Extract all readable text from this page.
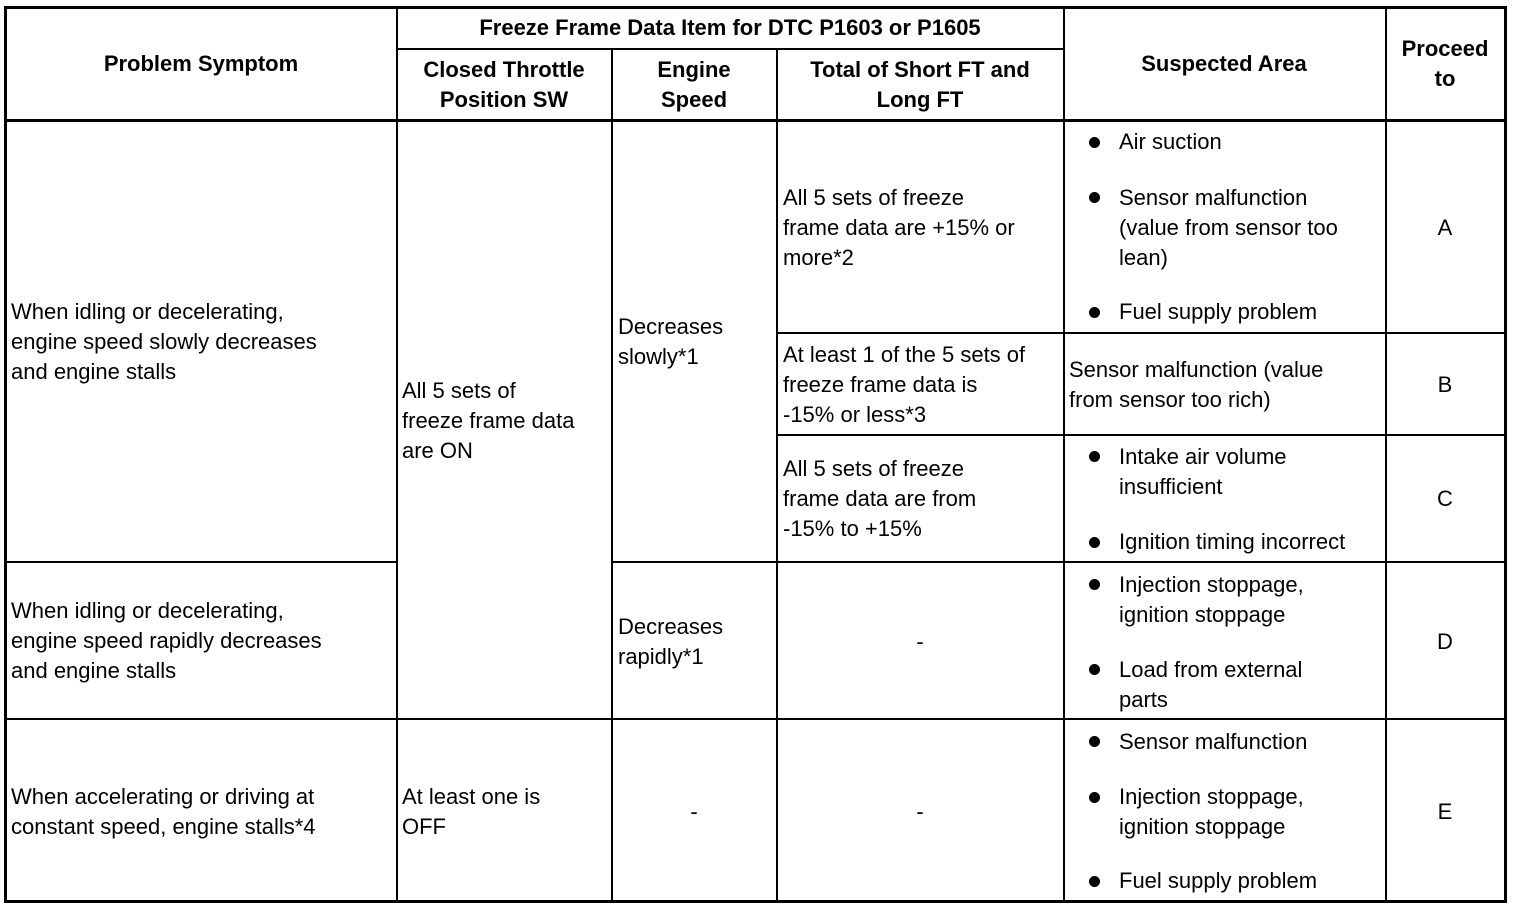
Problem Symptom
Freeze Frame Data Item for DTC P1603 or P1605
Closed Throttle
Position SW
Engine
Speed
Total of Short FT and
Long FT
Suspected Area
Proceed
to
When idling or decelerating,
engine speed slowly decreases
and engine stalls
When idling or decelerating,
engine speed rapidly decreases
and engine stalls
When accelerating or driving at
constant speed, engine stalls*4
All 5 sets of
freeze frame data
are ON
At least one is
OFF
Decreases
slowly*1
Decreases
rapidly*1
-
All 5 sets of freeze
frame data are +15% or
more*2
At least 1 of the 5 sets of
freeze frame data is
-15% or less*3
All 5 sets of freeze
frame data are from
-15% to +15%
-
-
Air suction
Sensor malfunction
(value from sensor too
lean)
Fuel supply problem
Sensor malfunction (value
from sensor too rich)
Intake air volume
insufficient
Ignition timing incorrect
Injection stoppage,
ignition stoppage
Load from external
parts
Sensor malfunction
Injection stoppage,
ignition stoppage
Fuel supply problem
A
B
C
D
E
